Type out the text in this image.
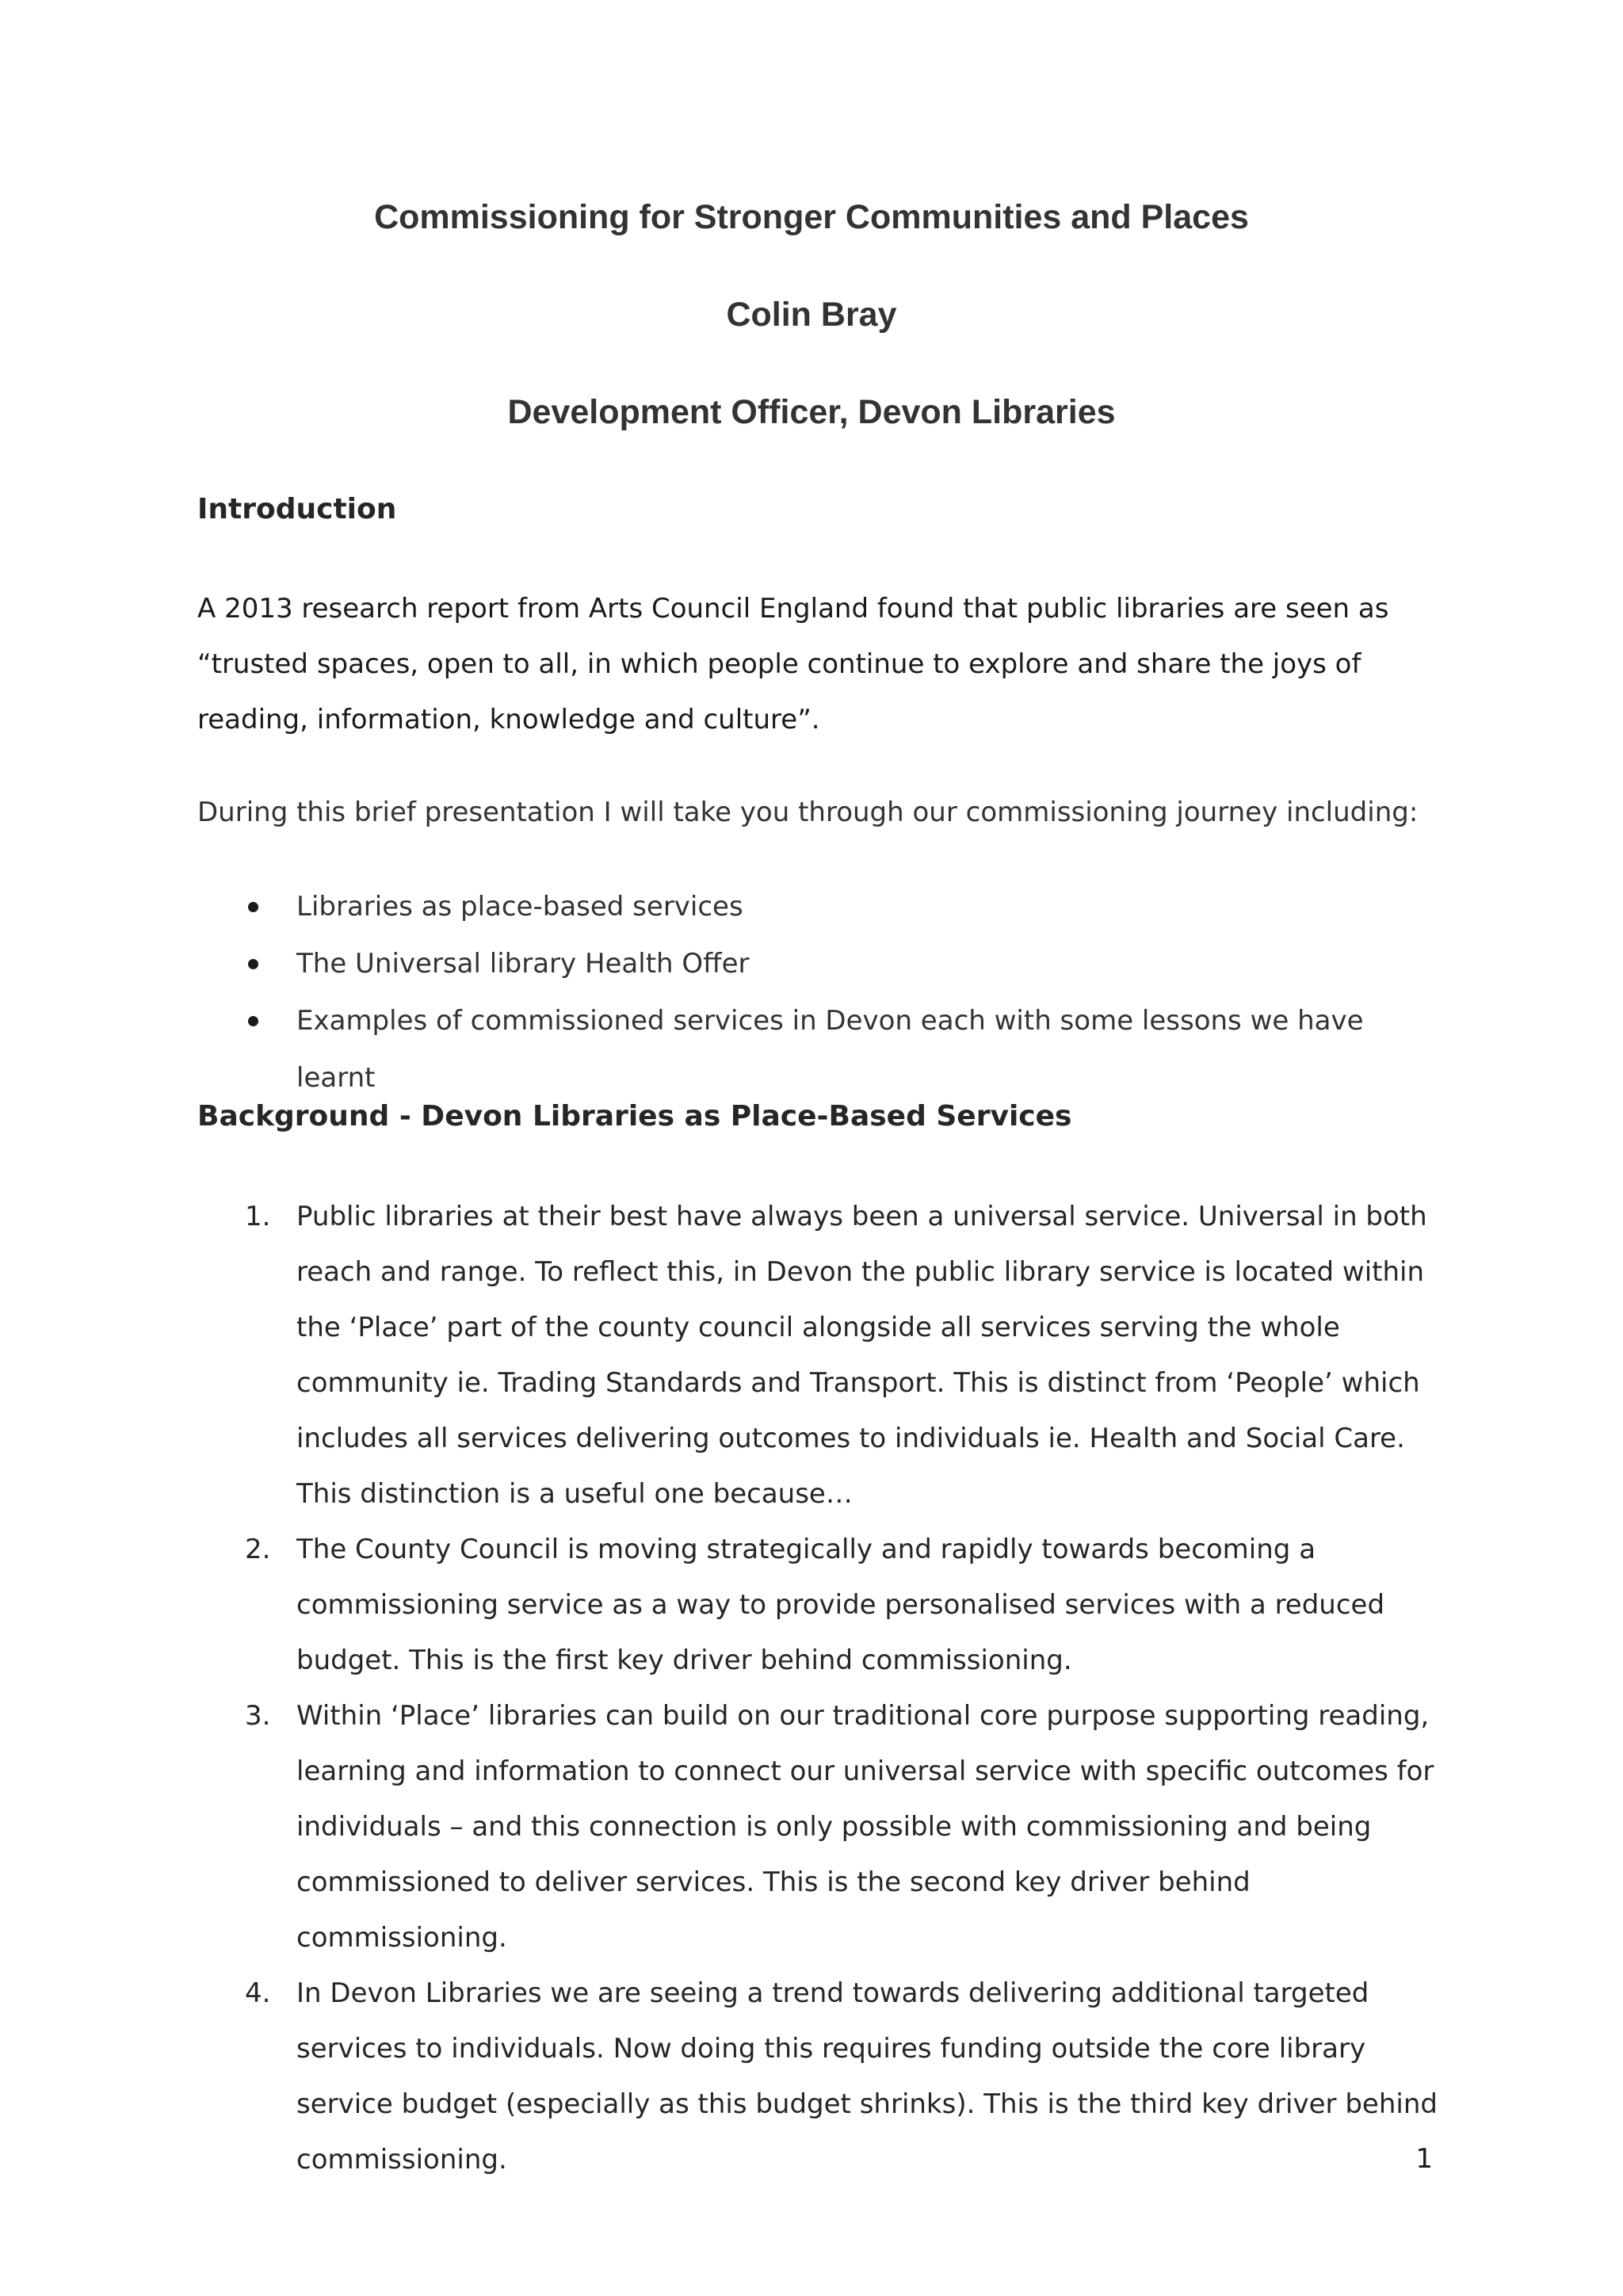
Commissioning for Stronger Communities and Places
Colin Bray
Development Officer, Devon Libraries
Introduction

A 2013 research report from Arts Council England found that public libraries are seen as “trusted spaces, open to all, in which people continue to explore and share the joys of reading, information, knowledge and culture”.

During this brief presentation I will take you through our commissioning journey including:

Libraries as place-based services
The Universal library Health Offer
Examples of commissioned services in Devon each with some lessons we have learnt
Background - Devon Libraries as Place-Based Services
1. Public libraries at their best have always been a universal service. Universal in both reach and range. To reflect this, in Devon the public library service is located within the ‘Place’ part of the county council alongside all services serving the whole community ie. Trading Standards and Transport. This is distinct from ‘People’ which includes all services delivering outcomes to individuals ie. Health and Social Care. This distinction is a useful one because…
2. The County Council is moving strategically and rapidly towards becoming a commissioning service as a way to provide personalised services with a reduced budget. This is the first key driver behind commissioning.
3. Within ‘Place’ libraries can build on our traditional core purpose supporting reading, learning and information to connect our universal service with specific outcomes for individuals – and this connection is only possible with commissioning and being commissioned to deliver services. This is the second key driver behind commissioning.
4. In Devon Libraries we are seeing a trend towards delivering additional targeted services to individuals. Now doing this requires funding outside the core library service budget (especially as this budget shrinks). This is the third key driver behind commissioning.	1
